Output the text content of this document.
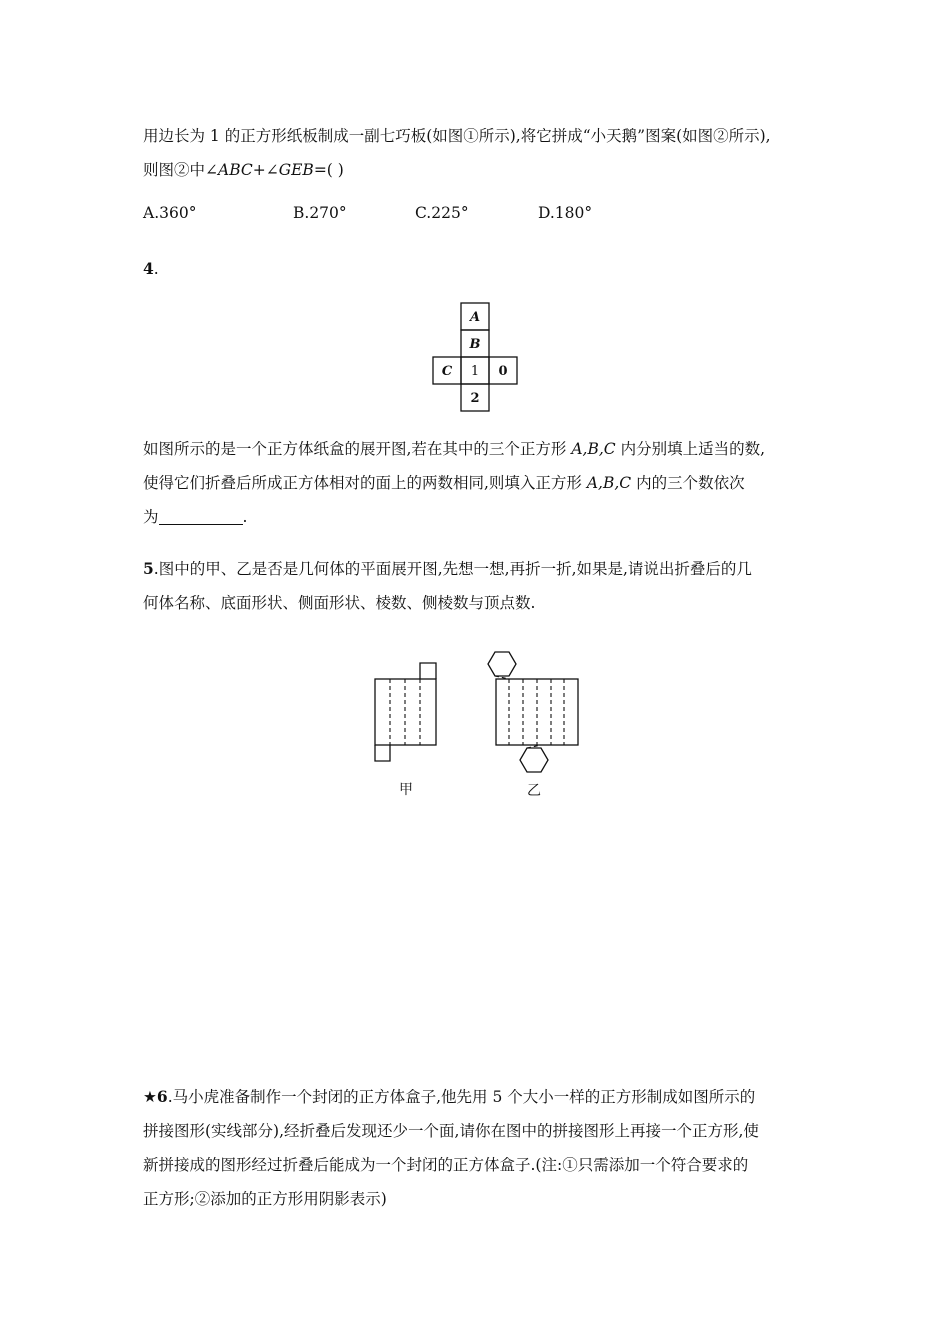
用边长为 1 的正方形纸板制成一副七巧板(如图①所示),将它拼成“小天鹅”图案(如图②所示),
则图②中∠ABC+∠GEB=( )
A.360°	B.270°	C.225°	D.180°
4.
A
B
C 1 0
2
如图所示的是一个正方体纸盒的展开图,若在其中的三个正方形 A,B,C 内分别填上适当的数,
使得它们折叠后所成正方体相对的面上的两数相同,则填入正方形 A,B,C 内的三个数依次
为	.
5.图中的甲、乙是否是几何体的平面展开图,先想一想,再折一折,如果是,请说出折叠后的几
何体名称、底面形状、侧面形状、棱数、侧棱数与顶点数.
甲	乙
★6.马小虎准备制作一个封闭的正方体盒子,他先用 5 个大小一样的正方形制成如图所示的
拼接图形(实线部分),经折叠后发现还少一个面,请你在图中的拼接图形上再接一个正方形,使
新拼接成的图形经过折叠后能成为一个封闭的正方体盒子.(注:①只需添加一个符合要求的
正方形;②添加的正方形用阴影表示)
